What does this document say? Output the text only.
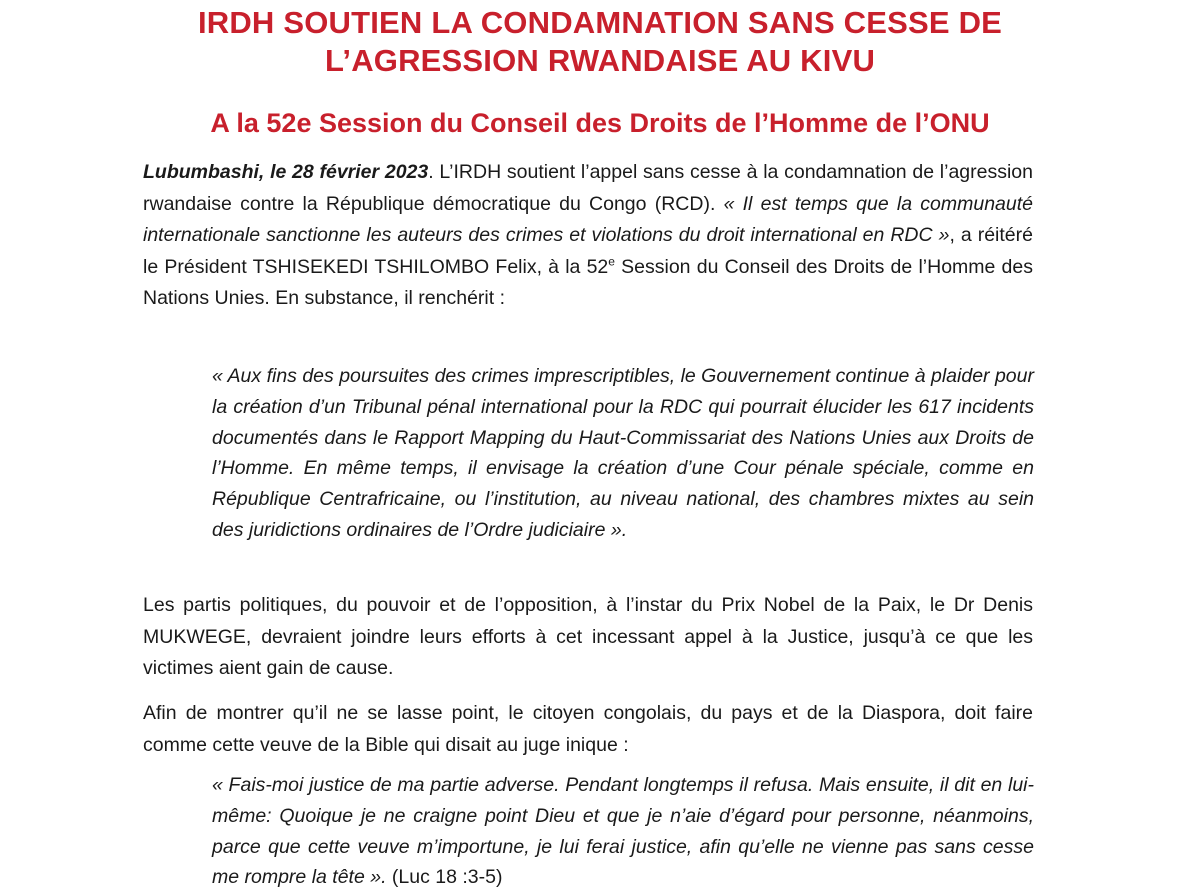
IRDH SOUTIEN LA CONDAMNATION SANS CESSE DE
L’AGRESSION RWANDAISE AU KIVU
A la 52e Session du Conseil des Droits de l’Homme de l’ONU

Lubumbashi, le 28 février 2023. L’IRDH soutient l’appel sans cesse à la condamnation de l’agression rwandaise contre la République démocratique du Congo (RCD). « Il est temps que la communauté internationale sanctionne les auteurs des crimes et violations du droit international en RDC », a réitéré le Président TSHISEKEDI TSHILOMBO Felix, à la 52e Session du Conseil des Droits de l’Homme des Nations Unies. En substance, il renchérit :

« Aux fins des poursuites des crimes imprescriptibles, le Gouvernement continue à plaider pour la création d’un Tribunal pénal international pour la RDC qui pourrait élucider les 617 incidents documentés dans le Rapport Mapping du Haut-Commissariat des Nations Unies aux Droits de l’Homme. En même temps, il envisage la création d’une Cour pénale spéciale, comme en République Centrafricaine, ou l’institution, au niveau national, des chambres mixtes au sein des juridictions ordinaires de l’Ordre judiciaire ».

Les partis politiques, du pouvoir et de l’opposition, à l’instar du Prix Nobel de la Paix, le Dr Denis MUKWEGE, devraient joindre leurs efforts à cet incessant appel à la Justice, jusqu’à ce que les victimes aient gain de cause.

Afin de montrer qu’il ne se lasse point, le citoyen congolais, du pays et de la Diaspora, doit faire comme cette veuve de la Bible qui disait au juge inique :

« Fais-moi justice de ma partie adverse. Pendant longtemps il refusa. Mais ensuite, il dit en lui-même: Quoique je ne craigne point Dieu et que je n’aie d’égard pour personne, néanmoins, parce que cette veuve m’importune, je lui ferai justice, afin qu’elle ne vienne pas sans cesse me rompre la tête ». (Luc 18 :3-5)
